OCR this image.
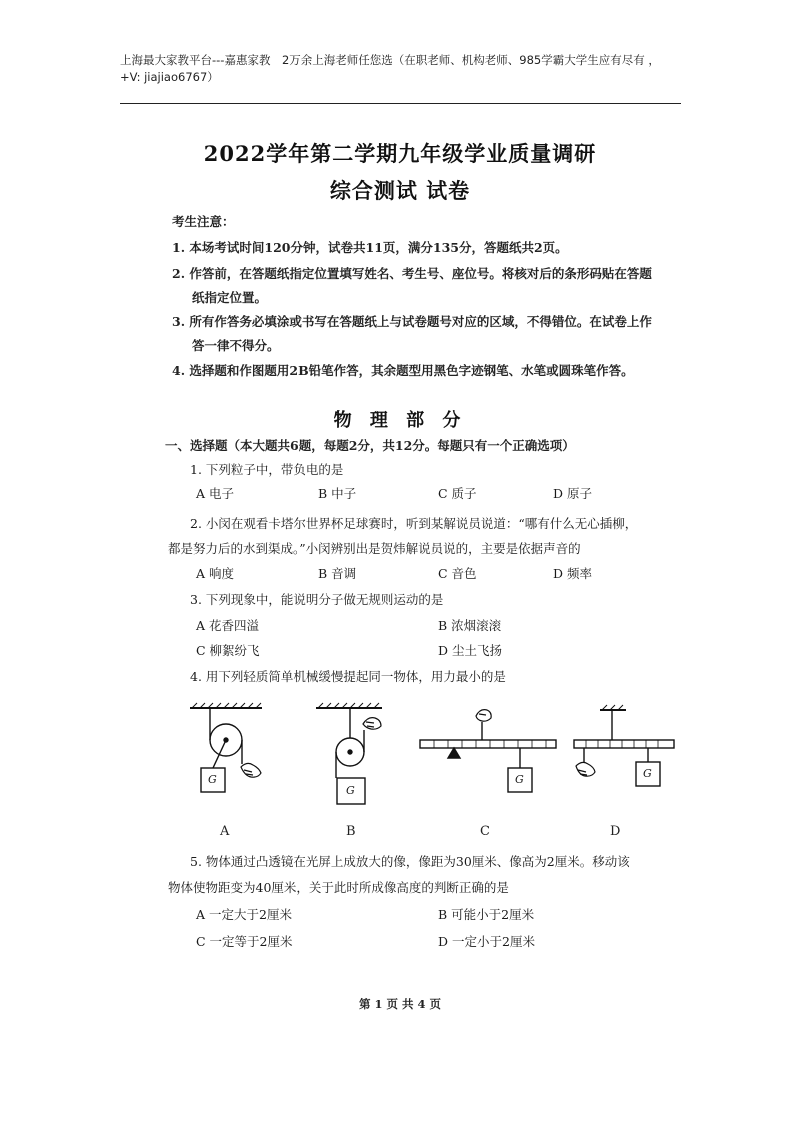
上海最大家教平台---嘉惠家教　2万余上海老师任您选（在职老师、机构老师、985学霸大学生应有尽有 ，+V: jiajiao6767）
2022学年第二学期九年级学业质量调研
综合测试 试卷
考生注意：
1. 本场考试时间120分钟，试卷共11页，满分135分，答题纸共2页。
2. 作答前，在答题纸指定位置填写姓名、考生号、座位号。将核对后的条形码贴在答题
纸指定位置。
3. 所有作答务必填涂或书写在答题纸上与试卷题号对应的区域，不得错位。在试卷上作
答一律不得分。
4. 选择题和作图题用2B铅笔作答，其余题型用黑色字迹钢笔、水笔或圆珠笔作答。
物 理 部 分
一、选择题（本大题共6题，每题2分，共12分。每题只有一个正确选项）
1. 下列粒子中，带负电的是
A 电子	B 中子	C 质子	D 原子
2. 小闵在观看卡塔尔世界杯足球赛时，听到某解说员说道：“哪有什么无心插柳，
都是努力后的水到渠成。”小闵辨别出是贺炜解说员说的，主要是依据声音的
A 响度	B 音调	C 音色	D 频率
3. 下列现象中，能说明分子做无规则运动的是
A 花香四溢	B 浓烟滚滚
C 柳絮纷飞	D 尘土飞扬
4. 用下列轻质简单机械缓慢提起同一物体，用力最小的是
G
G
G	G
A	B	C	D
5. 物体通过凸透镜在光屏上成放大的像，像距为30厘米、像高为2厘米。移动该
物体使物距变为40厘米，关于此时所成像高度的判断正确的是
A 一定大于2厘米	B 可能小于2厘米
C 一定等于2厘米	D 一定小于2厘米
第 1 页 共 4 页
